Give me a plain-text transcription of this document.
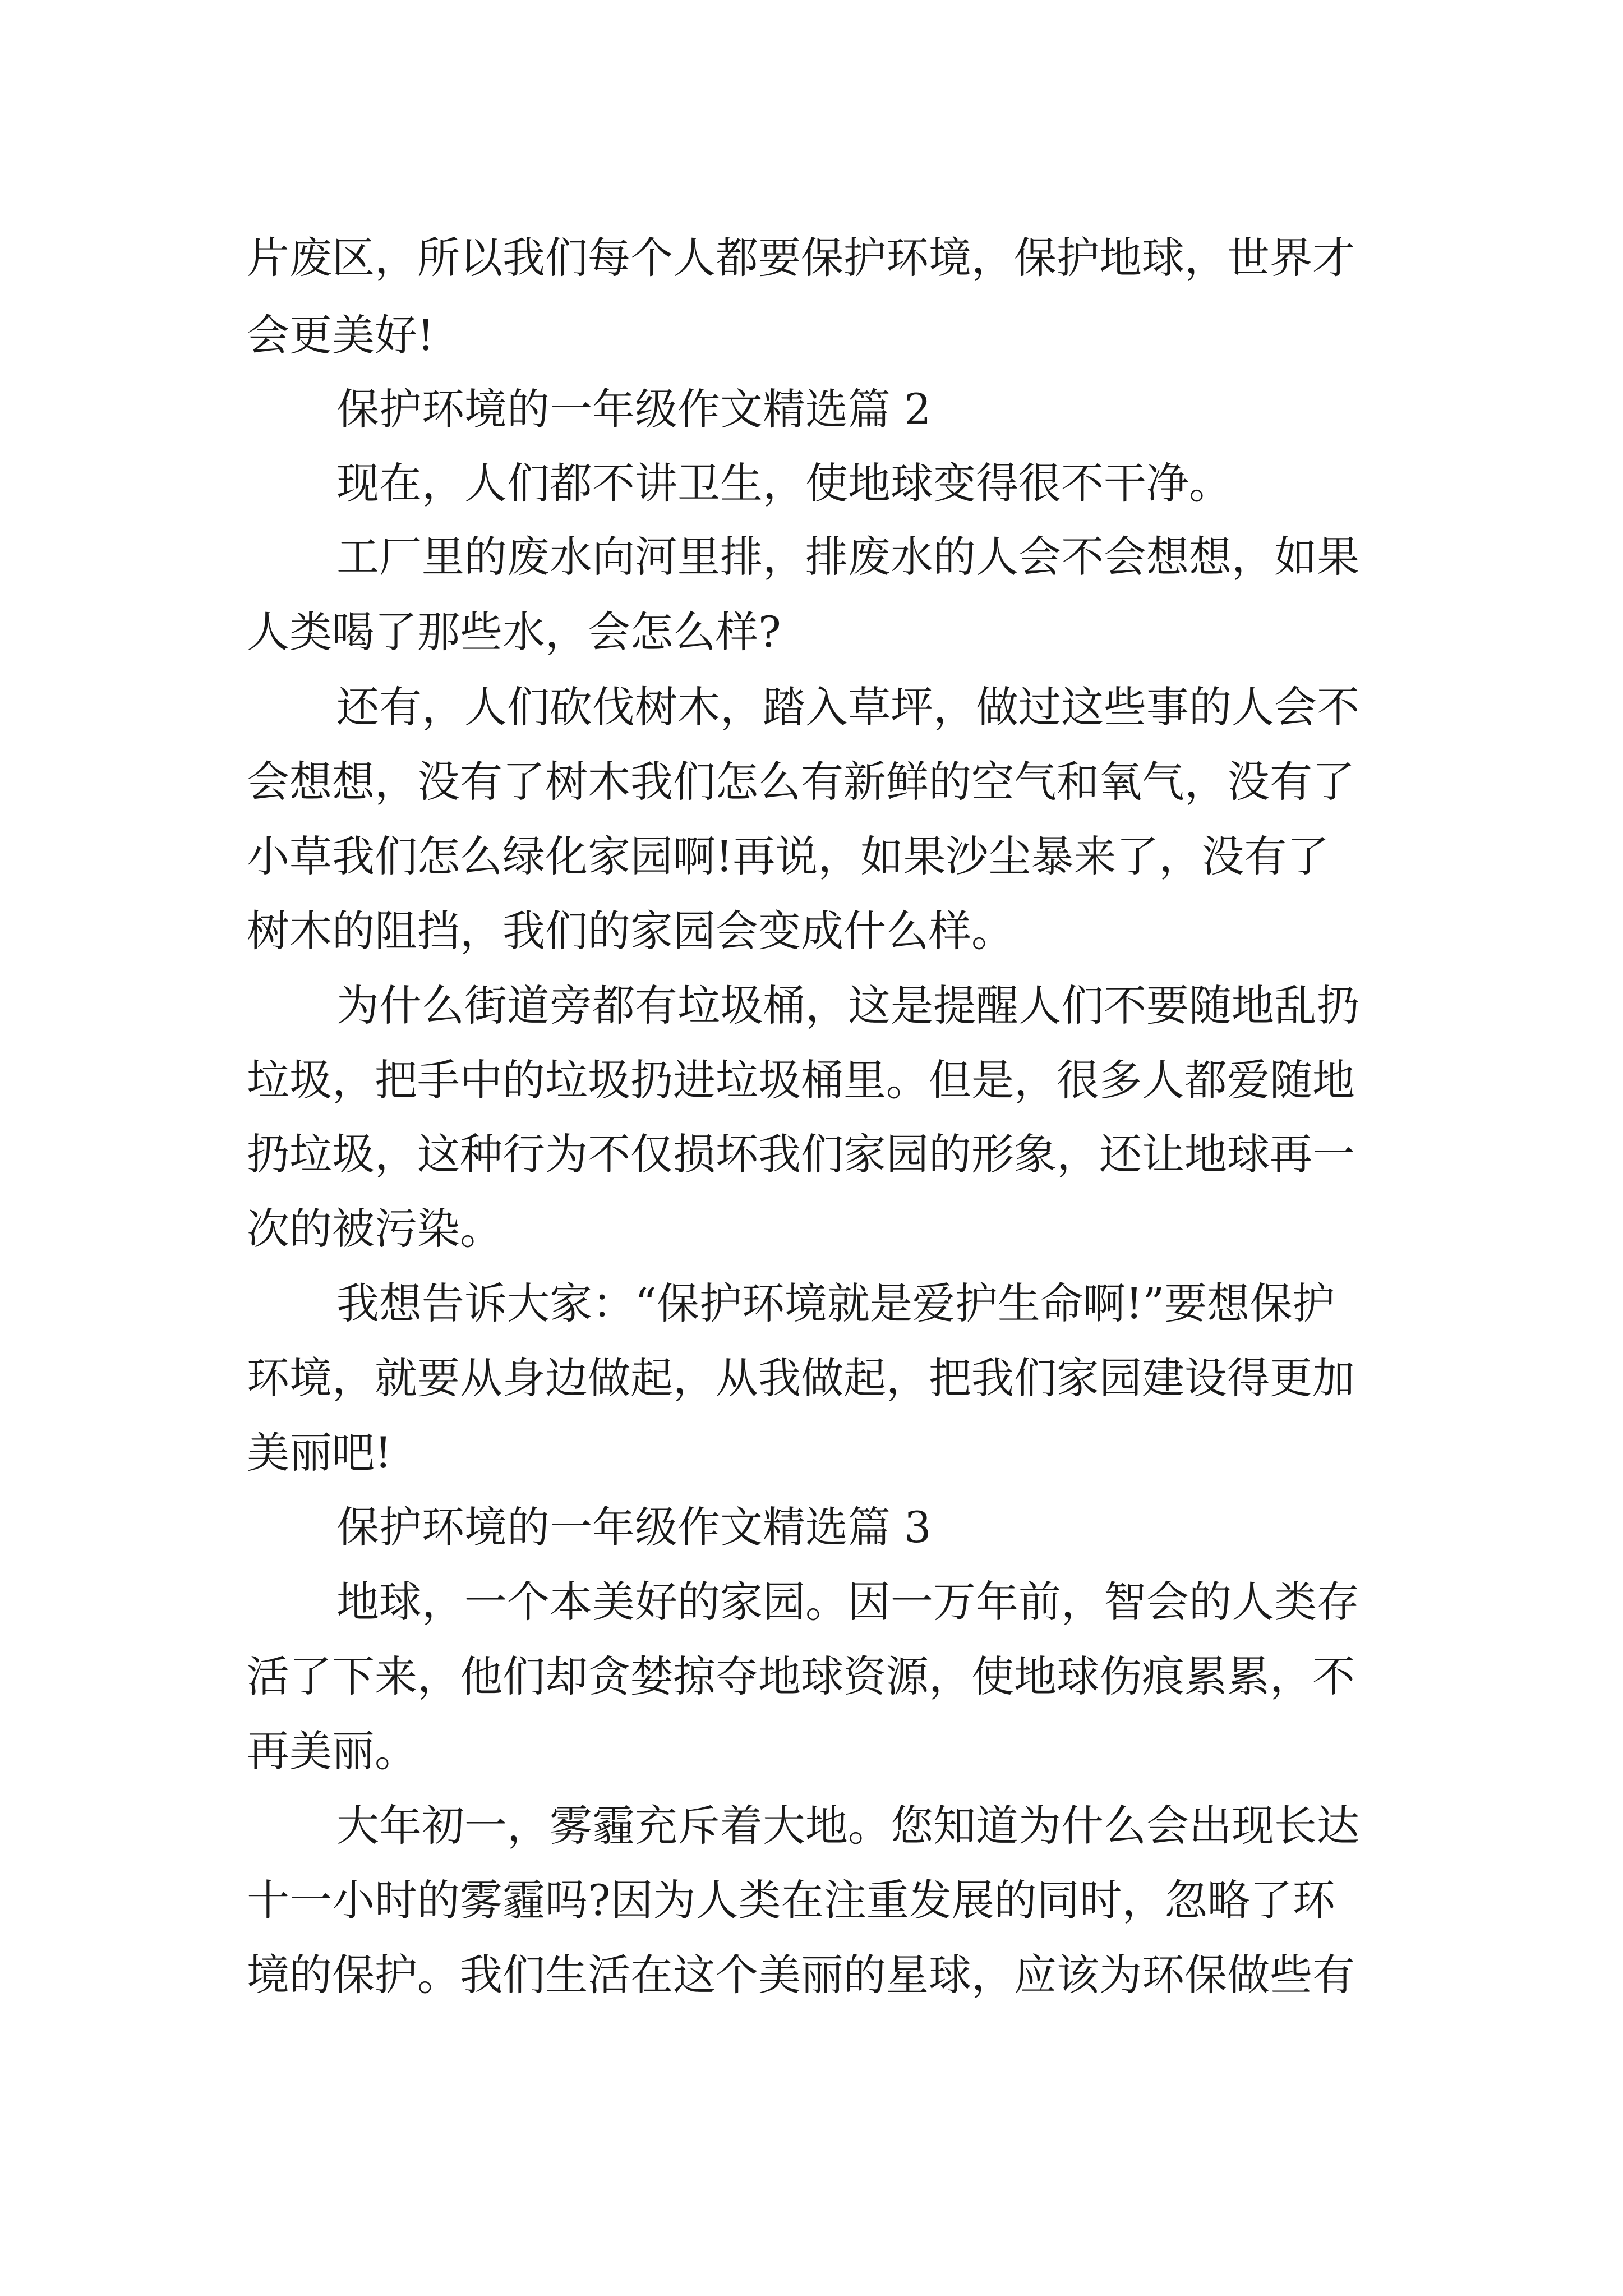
片废区，所以我们每个人都要保护环境，保护地球，世界才
会更美好!
保护环境的一年级作文精选篇 2
现在，人们都不讲卫生，使地球变得很不干净。
工厂里的废水向河里排，排废水的人会不会想想，如果
人类喝了那些水，会怎么样?
还有，人们砍伐树木，踏入草坪，做过这些事的人会不
会想想，没有了树木我们怎么有新鲜的空气和氧气，没有了
小草我们怎么绿化家园啊!再说，如果沙尘暴来了，没有了
树木的阻挡，我们的家园会变成什么样。
为什么街道旁都有垃圾桶，这是提醒人们不要随地乱扔
垃圾，把手中的垃圾扔进垃圾桶里。但是，很多人都爱随地
扔垃圾，这种行为不仅损坏我们家园的形象，还让地球再一
次的被污染。
我想告诉大家：“保护环境就是爱护生命啊!”要想保护
环境，就要从身边做起，从我做起，把我们家园建设得更加
美丽吧!
保护环境的一年级作文精选篇 3
地球，一个本美好的家园。因一万年前，智会的人类存
活了下来，他们却贪婪掠夺地球资源，使地球伤痕累累，不
再美丽。
大年初一，雾霾充斥着大地。您知道为什么会出现长达
十一小时的雾霾吗?因为人类在注重发展的同时，忽略了环
境的保护。我们生活在这个美丽的星球，应该为环保做些有
